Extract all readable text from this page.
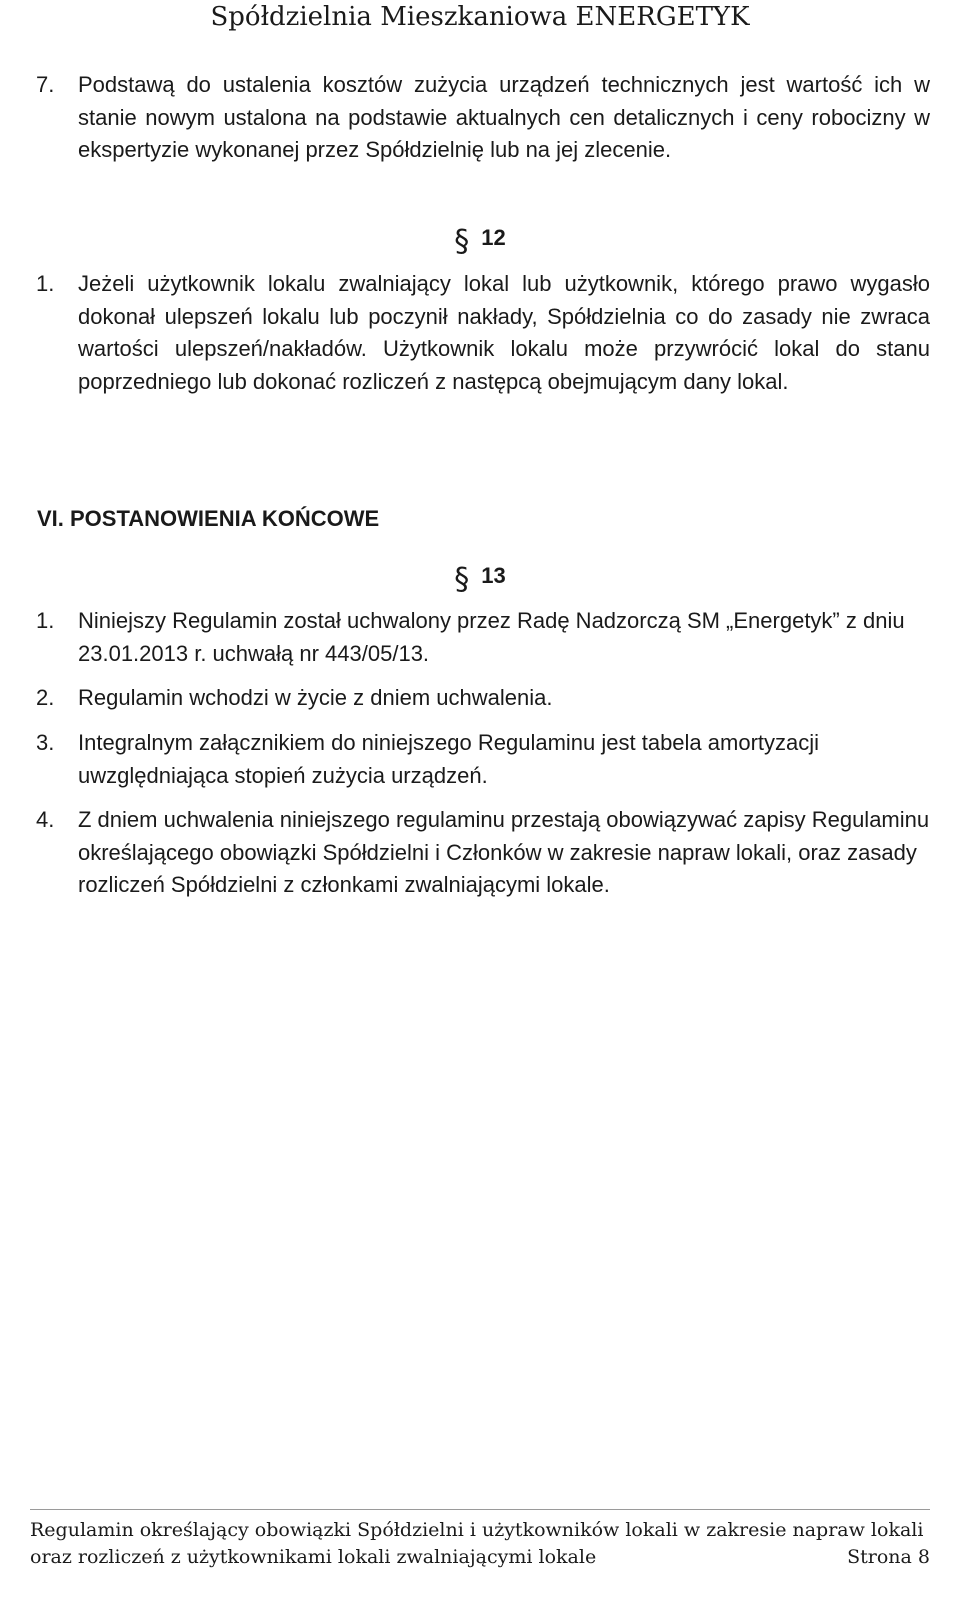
Spółdzielnia Mieszkaniowa ENERGETYK
7. Podstawą do ustalenia kosztów zużycia urządzeń technicznych jest wartość ich w stanie nowym ustalona na podstawie aktualnych cen detalicznych i ceny robocizny w ekspertyzie wykonanej przez Spółdzielnię lub na jej zlecenie.
§ 12
1. Jeżeli użytkownik lokalu zwalniający lokal lub użytkownik, którego prawo wygasło dokonał ulepszeń lokalu lub poczynił nakłady, Spółdzielnia co do zasady nie zwraca wartości ulepszeń/nakładów. Użytkownik lokalu może przywrócić lokal do stanu poprzedniego lub dokonać rozliczeń z następcą obejmującym dany lokal.
VI. POSTANOWIENIA KOŃCOWE
§ 13
1. Niniejszy Regulamin został uchwalony przez Radę Nadzorczą SM „Energetyk” z dniu 23.01.2013 r. uchwałą nr 443/05/13.
2. Regulamin wchodzi w życie z dniem uchwalenia.
3. Integralnym załącznikiem do niniejszego Regulaminu jest tabela amortyzacji uwzględniająca stopień zużycia urządzeń.
4. Z dniem uchwalenia niniejszego regulaminu przestają obowiązywać zapisy Regulaminu określającego obowiązki Spółdzielni i Członków w zakresie napraw lokali, oraz zasady rozliczeń Spółdzielni z członkami zwalniającymi lokale.
Regulamin określający obowiązki Spółdzielni i użytkowników lokali w zakresie napraw lokali
oraz rozliczeń z użytkownikami lokali zwalniającymi lokale	Strona 8
